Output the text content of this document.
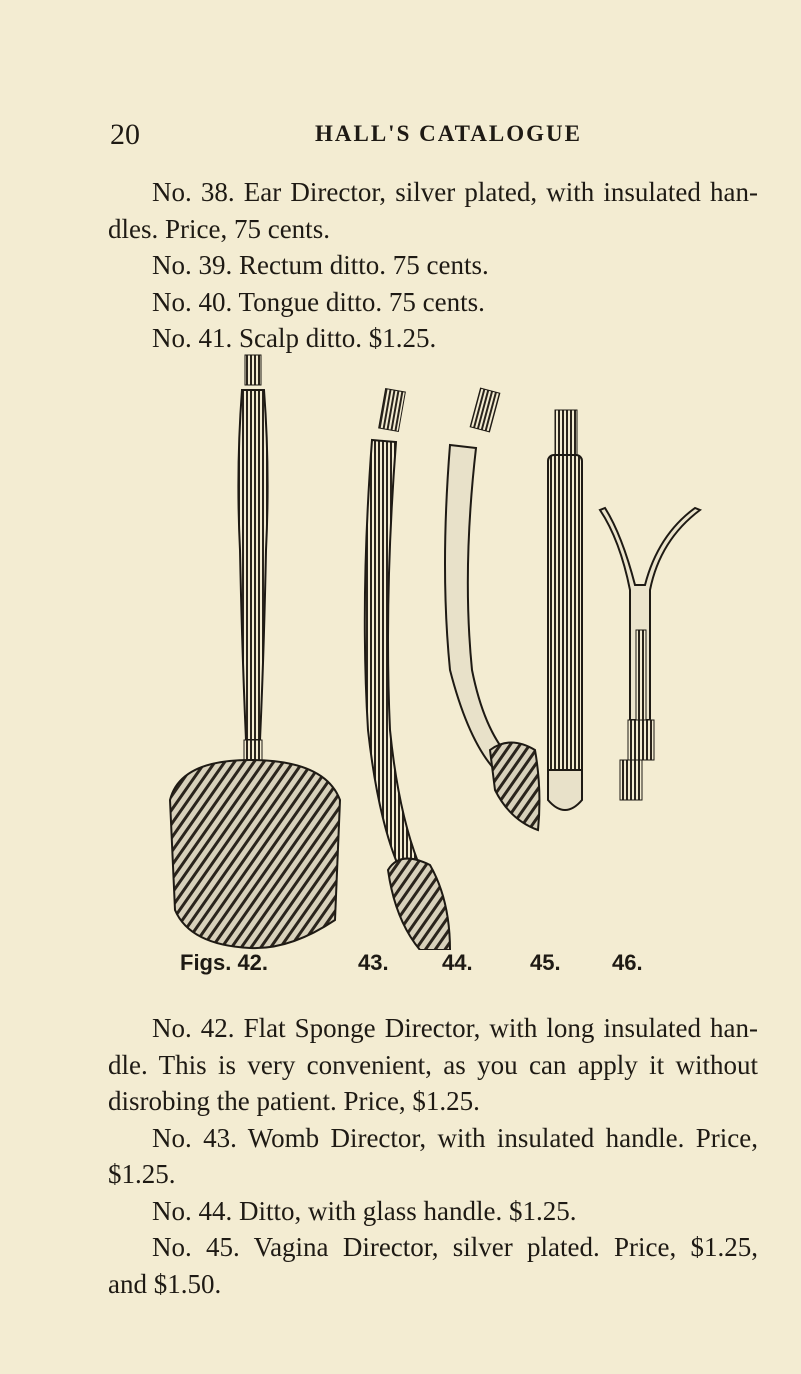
20	HALL'S CATALOGUE

No. 38. Ear Director, silver plated, with insulated han-
dles. Price, 75 cents.
No. 39. Rectum ditto. 75 cents.
No. 40. Tongue ditto. 75 cents.
No. 41. Scalp ditto. $1.25.

Figs. 42.	43. 44.	45. 46.

No. 42. Flat Sponge Director, with long insulated han-
dle. This is very convenient, as you can apply it without
disrobing the patient. Price, $1.25.
No. 43. Womb Director, with insulated handle. Price,
$1.25.
No. 44. Ditto, with glass handle. $1.25.
No. 45. Vagina Director, silver plated. Price, $1.25,
and $1.50.
